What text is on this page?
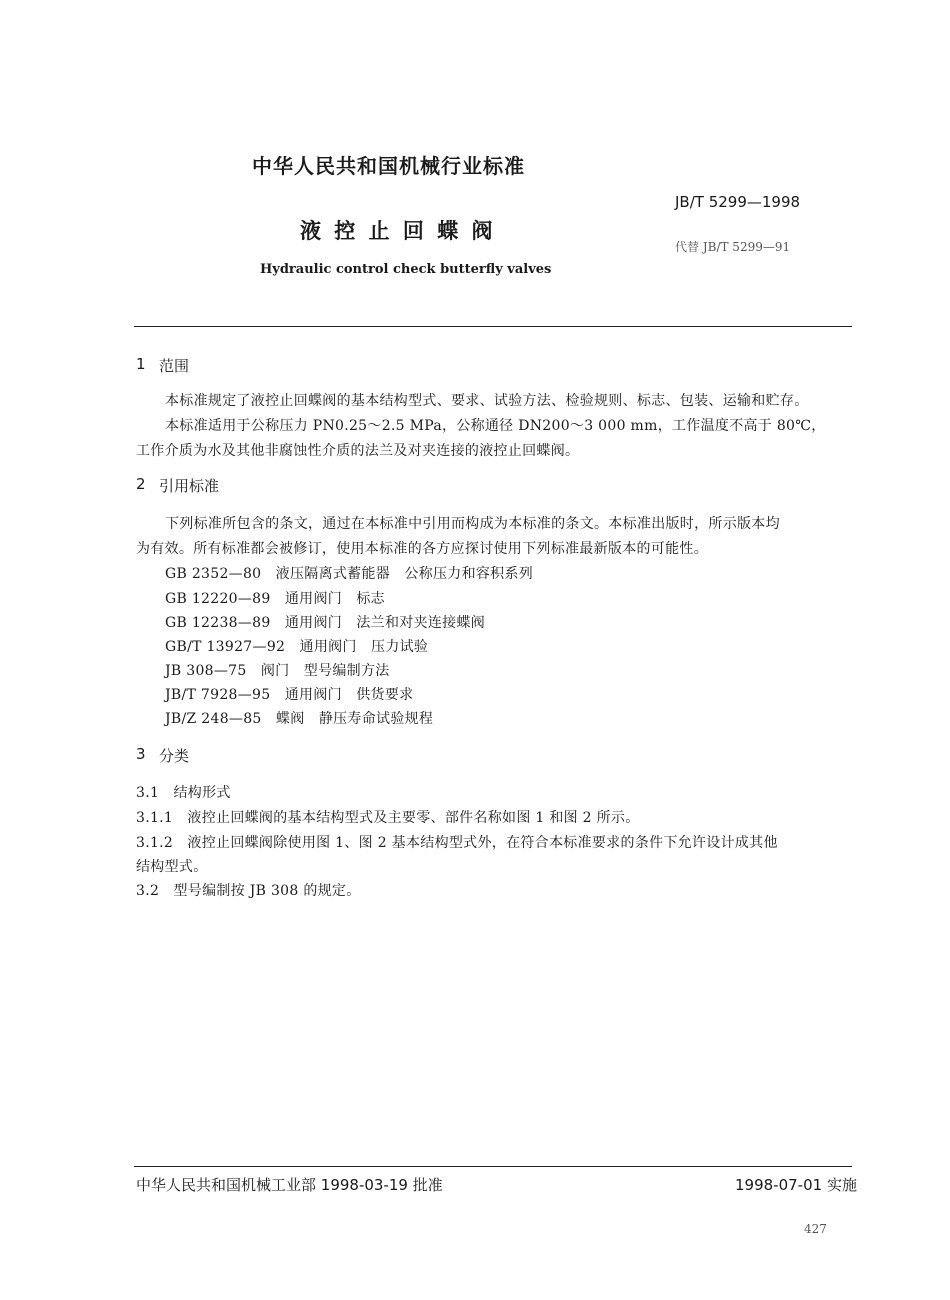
中华人民共和国机械行业标准
JB/T 5299—1998
液 控 止 回 蝶 阀
代替 JB/T 5299—91
Hydraulic control check butterfly valves
1 范围
本标准规定了液控止回蝶阀的基本结构型式、要求、试验方法、检验规则、标志、包装、运输和贮存。
本标准适用于公称压力 PN0.25～2.5 MPa，公称通径 DN200～3 000 mm，工作温度不高于 80℃，
工作介质为水及其他非腐蚀性介质的法兰及对夹连接的液控止回蝶阀。
2 引用标准
下列标准所包含的条文，通过在本标准中引用而构成为本标准的条文。本标准出版时，所示版本均
为有效。所有标准都会被修订，使用本标准的各方应探讨使用下列标准最新版本的可能性。
GB 2352—80　液压隔离式蓄能器　公称压力和容积系列
GB 12220—89　通用阀门　标志
GB 12238—89　通用阀门　法兰和对夹连接蝶阀
GB/T 13927—92　通用阀门　压力试验
JB 308—75　阀门　型号编制方法
JB/T 7928—95　通用阀门　供货要求
JB/Z 248—85　蝶阀　静压寿命试验规程
3 分类
3.1　结构形式
3.1.1　液控止回蝶阀的基本结构型式及主要零、部件名称如图 1 和图 2 所示。
3.1.2　液控止回蝶阀除使用图 1、图 2 基本结构型式外，在符合本标准要求的条件下允许设计成其他
结构型式。
3.2　型号编制按 JB 308 的规定。
中华人民共和国机械工业部 1998-03-19 批准	1998-07-01 实施
427
